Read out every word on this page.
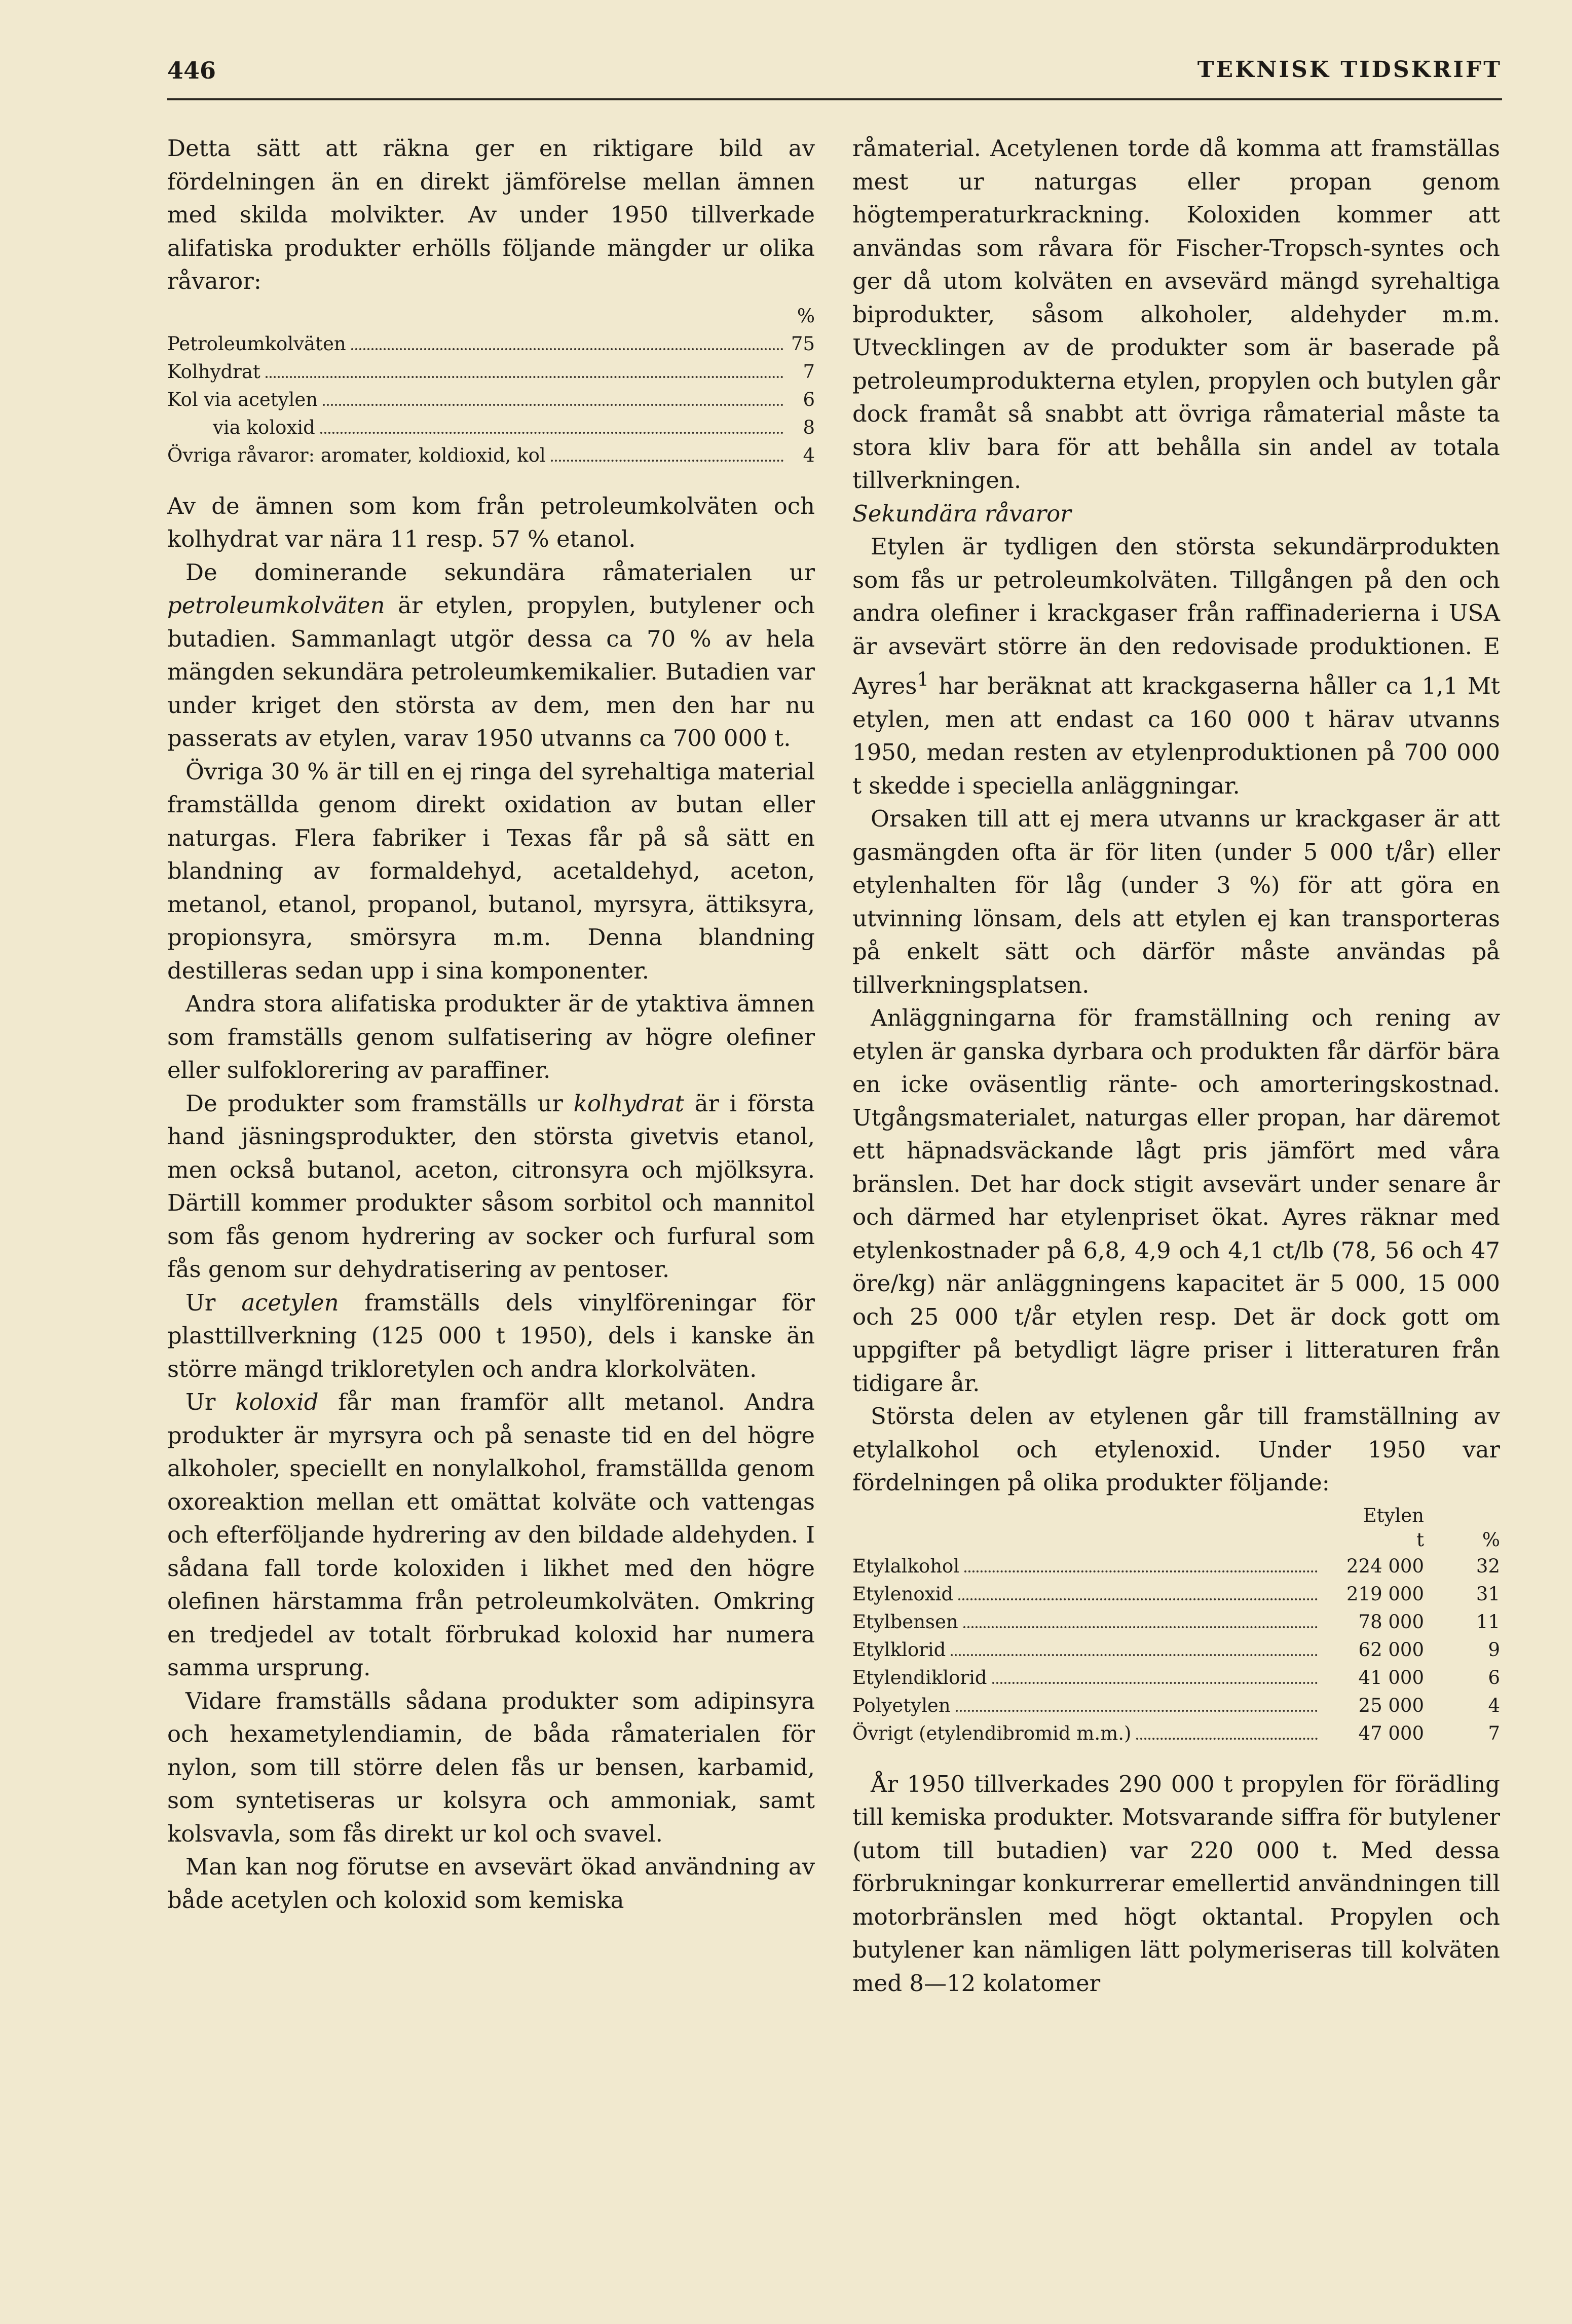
446	TEKNISK TIDSKRIFT

Detta sätt att räkna ger en riktigare bild av fördelningen än en direkt jämförelse mellan ämnen med skilda molvikter. Av under 1950 tillverkade alifatiska produkter erhölls följande mängder ur olika råvaror:

%
Petroleumkolväten	75
Kolhydrat	7
Kol via acetylen	6
via koloxid	8
Övriga råvaror: aromater, koldioxid, kol	4

Av de ämnen som kom från petroleumkolväten och kolhydrat var nära 11 resp. 57 % etanol.

De dominerande sekundära råmaterialen ur petroleumkolväten är etylen, propylen, butylener och butadien. Sammanlagt utgör dessa ca 70 % av hela mängden sekundära petroleumkemikalier. Butadien var under kriget den största av dem, men den har nu passerats av etylen, varav 1950 utvanns ca 700 000 t.

Övriga 30 % är till en ej ringa del syrehaltiga material framställda genom direkt oxidation av butan eller naturgas. Flera fabriker i Texas får på så sätt en blandning av formaldehyd, acetaldehyd, aceton, metanol, etanol, propanol, butanol, myrsyra, ättiksyra, propionsyra, smörsyra m.m. Denna blandning destilleras sedan upp i sina komponenter.

Andra stora alifatiska produkter är de ytaktiva ämnen som framställs genom sulfatisering av högre olefiner eller sulfoklorering av paraffiner.

De produkter som framställs ur kolhydrat är i första hand jäsningsprodukter, den största givetvis etanol, men också butanol, aceton, citronsyra och mjölksyra. Därtill kommer produkter såsom sorbitol och mannitol som fås genom hydrering av socker och furfural som fås genom sur dehydratisering av pentoser.

Ur acetylen framställs dels vinylföreningar för plasttillverkning (125 000 t 1950), dels i kanske än större mängd trikloretylen och andra klorkolväten.

Ur koloxid får man framför allt metanol. Andra produkter är myrsyra och på senaste tid en del högre alkoholer, speciellt en nonylalkohol, framställda genom oxoreaktion mellan ett omättat kolväte och vattengas och efterföljande hydrering av den bildade aldehyden. I sådana fall torde koloxiden i likhet med den högre olefinen härstamma från petroleumkolväten. Omkring en tredjedel av totalt förbrukad koloxid har numera samma ursprung.

Vidare framställs sådana produkter som adipinsyra och hexametylendiamin, de båda råmaterialen för nylon, som till större delen fås ur bensen, karbamid, som syntetiseras ur kolsyra och ammoniak, samt kolsvavla, som fås direkt ur kol och svavel.

Man kan nog förutse en avsevärt ökad användning av både acetylen och koloxid som kemiska

råmaterial. Acetylenen torde då komma att framställas mest ur naturgas eller propan genom högtemperaturkrackning. Koloxiden kommer att användas som råvara för Fischer-Tropsch-syntes och ger då utom kolväten en avsevärd mängd syrehaltiga biprodukter, såsom alkoholer, aldehyder m.m. Utvecklingen av de produkter som är baserade på petroleumprodukterna etylen, propylen och butylen går dock framåt så snabbt att övriga råmaterial måste ta stora kliv bara för att behålla sin andel av totala tillverkningen.

Sekundära råvaror

Etylen är tydligen den största sekundärprodukten som fås ur petroleumkolväten. Tillgången på den och andra olefiner i krackgaser från raffinaderierna i USA är avsevärt större än den redovisade produktionen. E Ayres$^1$ har beräknat att krackgaserna håller ca 1,1 Mt etylen, men att endast ca 160 000 t härav utvanns 1950, medan resten av etylenproduktionen på 700 000 t skedde i speciella anläggningar.

Orsaken till att ej mera utvanns ur krackgaser är att gasmängden ofta är för liten (under 5 000 t/år) eller etylenhalten för låg (under 3 %) för att göra en utvinning lönsam, dels att etylen ej kan transporteras på enkelt sätt och därför måste användas på tillverkningsplatsen.

Anläggningarna för framställning och rening av etylen är ganska dyrbara och produkten får därför bära en icke oväsentlig ränte- och amorteringskostnad. Utgångsmaterialet, naturgas eller propan, har däremot ett häpnadsväckande lågt pris jämfört med våra bränslen. Det har dock stigit avsevärt under senare år och därmed har etylenpriset ökat. Ayres räknar med etylenkostnader på 6,8, 4,9 och 4,1 ct/lb (78, 56 och 47 öre/kg) när anläggningens kapacitet är 5 000, 15 000 och 25 000 t/år etylen resp. Det är dock gott om uppgifter på betydligt lägre priser i litteraturen från tidigare år.

Största delen av etylenen går till framställning av etylalkohol och etylenoxid. Under 1950 var fördelningen på olika produkter följande:

Etylen
t	%
Etylalkohol	224 000	32
Etylenoxid	219 000	31
Etylbensen	78 000	11
Etylklorid	62 000	9
Etylendiklorid	41 000	6
Polyetylen	25 000	4
Övrigt (etylendibromid m.m.)	47 000	7

År 1950 tillverkades 290 000 t propylen för förädling till kemiska produkter. Motsvarande siffra för butylener (utom till butadien) var 220 000 t. Med dessa förbrukningar konkurrerar emellertid användningen till motorbränslen med högt oktantal. Propylen och butylener kan nämligen lätt polymeriseras till kolväten med 8—12 kolatomer
